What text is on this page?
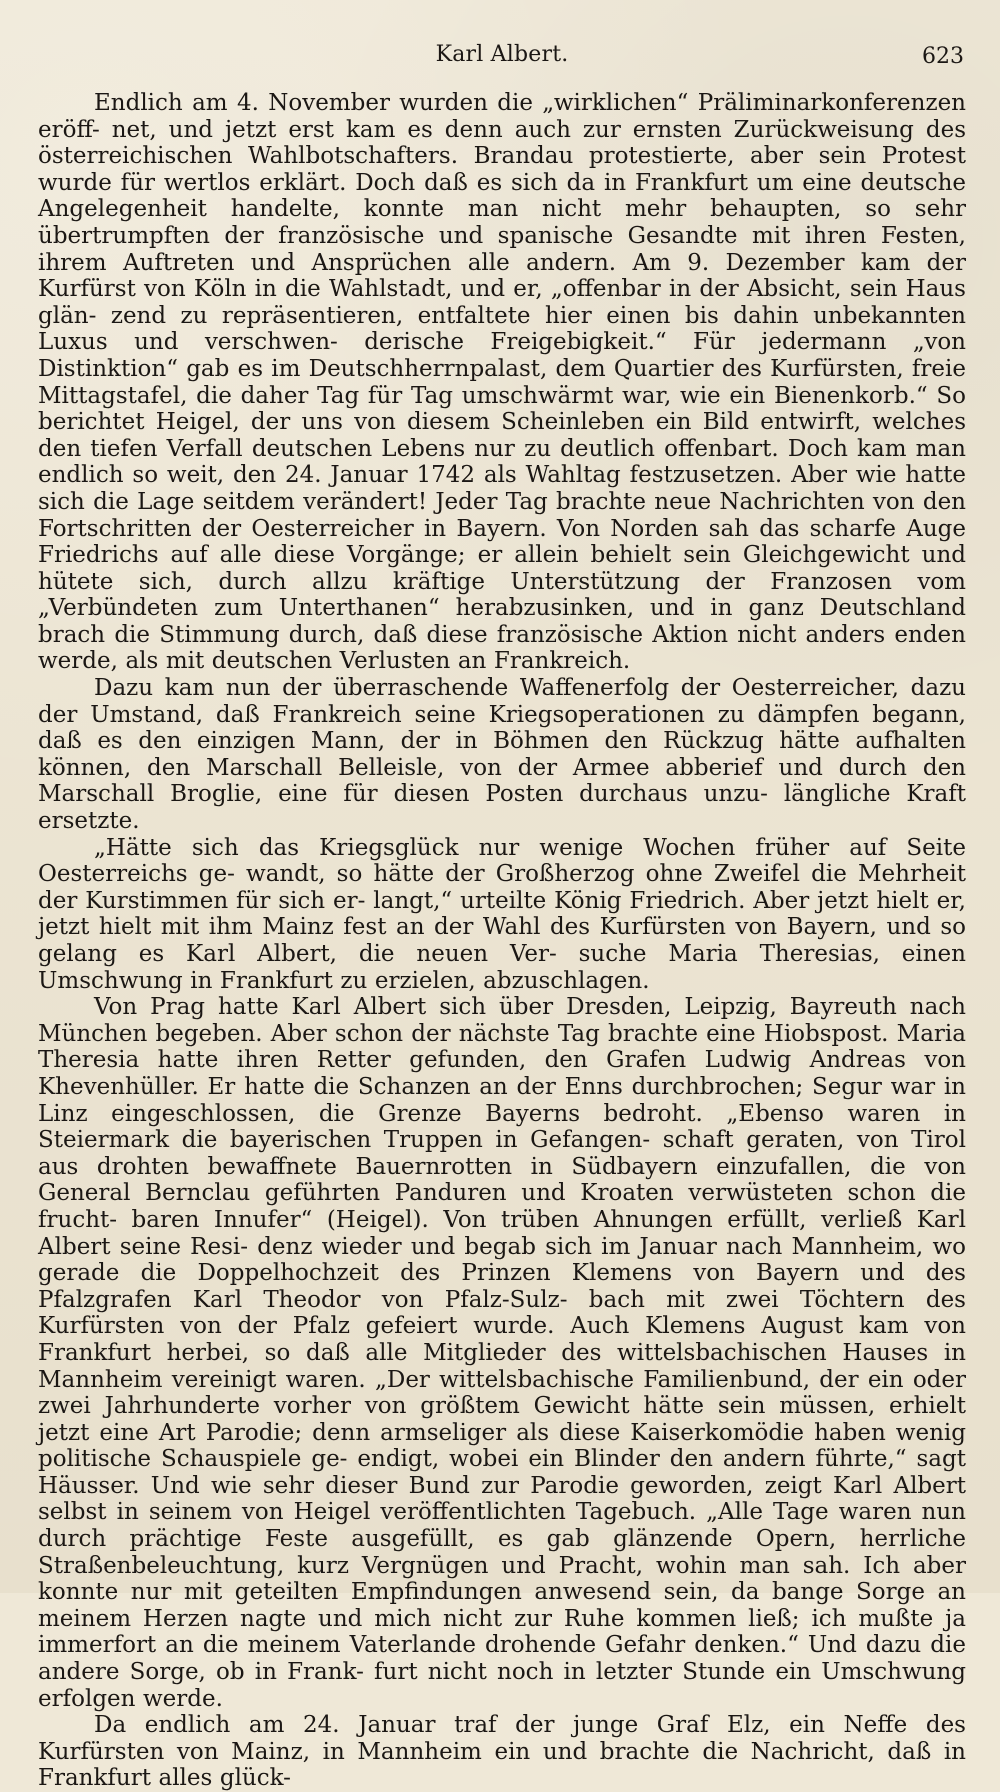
Karl Albert.	623

Endlich am 4. November wurden die „wirklichen“ Präliminarkonferenzen eröff- net, und jetzt erst kam es denn auch zur ernsten Zurückweisung des österreichischen Wahlbotschafters. Brandau protestierte, aber sein Protest wurde für wertlos erklärt. Doch daß es sich da in Frankfurt um eine deutsche Angelegenheit handelte, konnte man nicht mehr behaupten, so sehr übertrumpften der französische und spanische Gesandte mit ihren Festen, ihrem Auftreten und Ansprüchen alle andern. Am 9. Dezember kam der Kurfürst von Köln in die Wahlstadt, und er, „offenbar in der Absicht, sein Haus glän- zend zu repräsentieren, entfaltete hier einen bis dahin unbekannten Luxus und verschwen- derische Freigebigkeit.“ Für jedermann „von Distinktion“ gab es im Deutschherrnpalast, dem Quartier des Kurfürsten, freie Mittagstafel, die daher Tag für Tag umschwärmt war, wie ein Bienenkorb.“ So berichtet Heigel, der uns von diesem Scheinleben ein Bild entwirft, welches den tiefen Verfall deutschen Lebens nur zu deutlich offenbart. Doch kam man endlich so weit, den 24. Januar 1742 als Wahltag festzusetzen. Aber wie hatte sich die Lage seitdem verändert! Jeder Tag brachte neue Nachrichten von den Fortschritten der Oesterreicher in Bayern. Von Norden sah das scharfe Auge Friedrichs auf alle diese Vorgänge; er allein behielt sein Gleichgewicht und hütete sich, durch allzu kräftige Unterstützung der Franzosen vom „Verbündeten zum Unterthanen“ herabzusinken, und in ganz Deutschland brach die Stimmung durch, daß diese französische Aktion nicht anders enden werde, als mit deutschen Verlusten an Frankreich.

Dazu kam nun der überraschende Waffenerfolg der Oesterreicher, dazu der Umstand, daß Frankreich seine Kriegsoperationen zu dämpfen begann, daß es den einzigen Mann, der in Böhmen den Rückzug hätte aufhalten können, den Marschall Belleisle, von der Armee abberief und durch den Marschall Broglie, eine für diesen Posten durchaus unzu- längliche Kraft ersetzte.

„Hätte sich das Kriegsglück nur wenige Wochen früher auf Seite Oesterreichs ge- wandt, so hätte der Großherzog ohne Zweifel die Mehrheit der Kurstimmen für sich er- langt,“ urteilte König Friedrich. Aber jetzt hielt er, jetzt hielt mit ihm Mainz fest an der Wahl des Kurfürsten von Bayern, und so gelang es Karl Albert, die neuen Ver- suche Maria Theresias, einen Umschwung in Frankfurt zu erzielen, abzuschlagen.

Von Prag hatte Karl Albert sich über Dresden, Leipzig, Bayreuth nach München begeben. Aber schon der nächste Tag brachte eine Hiobspost. Maria Theresia hatte ihren Retter gefunden, den Grafen Ludwig Andreas von Khevenhüller. Er hatte die Schanzen an der Enns durchbrochen; Segur war in Linz eingeschlossen, die Grenze Bayerns bedroht. „Ebenso waren in Steiermark die bayerischen Truppen in Gefangen- schaft geraten, von Tirol aus drohten bewaffnete Bauernrotten in Südbayern einzufallen, die von General Bernclau geführten Panduren und Kroaten verwüsteten schon die frucht- baren Innufer“ (Heigel). Von trüben Ahnungen erfüllt, verließ Karl Albert seine Resi- denz wieder und begab sich im Januar nach Mannheim, wo gerade die Doppelhochzeit des Prinzen Klemens von Bayern und des Pfalzgrafen Karl Theodor von Pfalz-Sulz- bach mit zwei Töchtern des Kurfürsten von der Pfalz gefeiert wurde. Auch Klemens August kam von Frankfurt herbei, so daß alle Mitglieder des wittelsbachischen Hauses in Mannheim vereinigt waren. „Der wittelsbachische Familienbund, der ein oder zwei Jahrhunderte vorher von größtem Gewicht hätte sein müssen, erhielt jetzt eine Art Parodie; denn armseliger als diese Kaiserkomödie haben wenig politische Schauspiele ge- endigt, wobei ein Blinder den andern führte,“ sagt Häusser. Und wie sehr dieser Bund zur Parodie geworden, zeigt Karl Albert selbst in seinem von Heigel veröffentlichten Tagebuch. „Alle Tage waren nun durch prächtige Feste ausgefüllt, es gab glänzende Opern, herrliche Straßenbeleuchtung, kurz Vergnügen und Pracht, wohin man sah. Ich aber konnte nur mit geteilten Empfindungen anwesend sein, da bange Sorge an meinem Herzen nagte und mich nicht zur Ruhe kommen ließ; ich mußte ja immerfort an die meinem Vaterlande drohende Gefahr denken.“ Und dazu die andere Sorge, ob in Frank- furt nicht noch in letzter Stunde ein Umschwung erfolgen werde.

Da endlich am 24. Januar traf der junge Graf Elz, ein Neffe des Kurfürsten von Mainz, in Mannheim ein und brachte die Nachricht, daß in Frankfurt alles glück-
